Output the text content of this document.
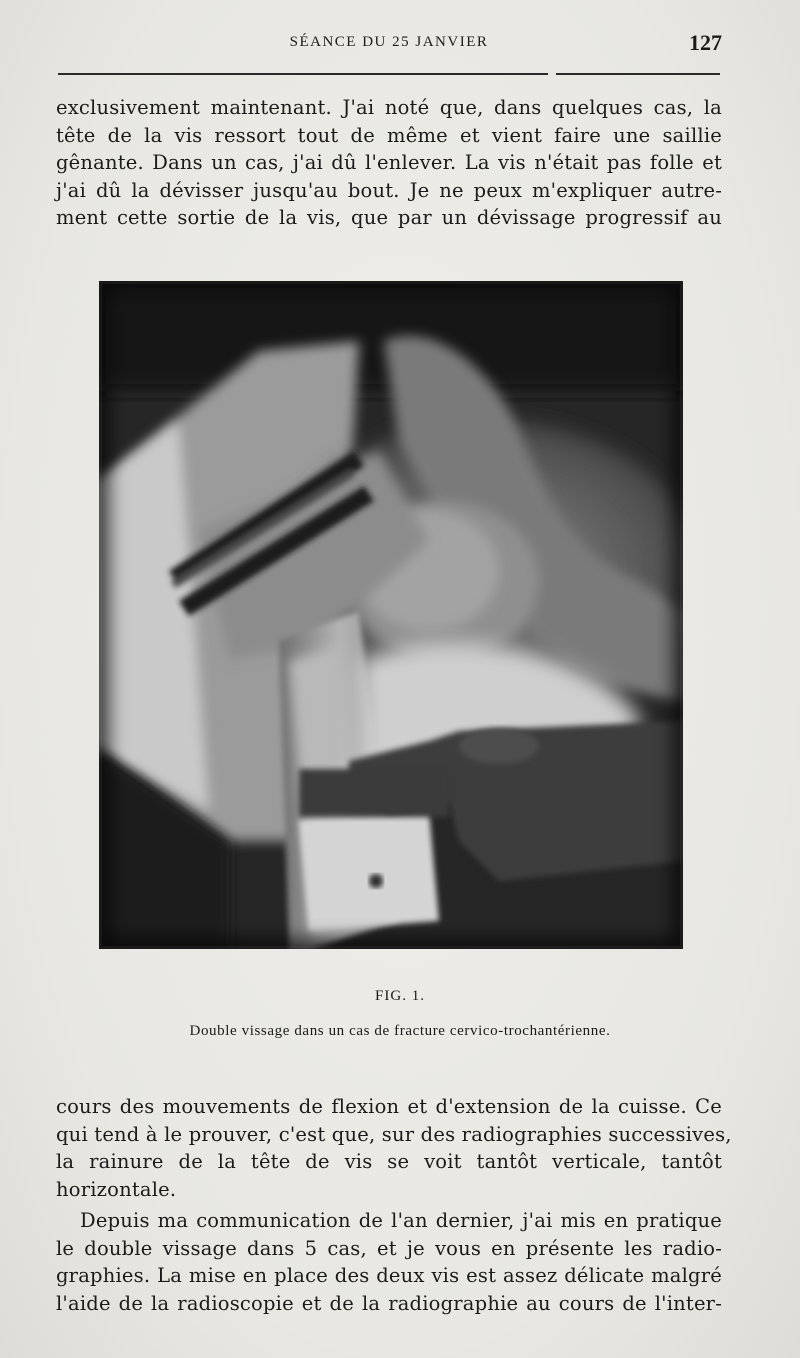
SÉANCE DU 25 JANVIER	127

exclusivement maintenant. J'ai noté que, dans quelques cas, la
tête de la vis ressort tout de même et vient faire une saillie
gênante. Dans un cas, j'ai dû l'enlever. La vis n'était pas folle et
j'ai dû la dévisser jusqu'au bout. Je ne peux m'expliquer autre-
ment cette sortie de la vis, que par un dévissage progressif au

FIG. 1.
Double vissage dans un cas de fracture cervico-trochantérienne.

cours des mouvements de flexion et d'extension de la cuisse. Ce
qui tend à le prouver, c'est que, sur des radiographies successives,
la rainure de la tête de vis se voit tantôt verticale, tantôt
horizontale.

Depuis ma communication de l'an dernier, j'ai mis en pratique
le double vissage dans 5 cas, et je vous en présente les radio-
graphies. La mise en place des deux vis est assez délicate malgré
l'aide de la radioscopie et de la radiographie au cours de l'inter-
